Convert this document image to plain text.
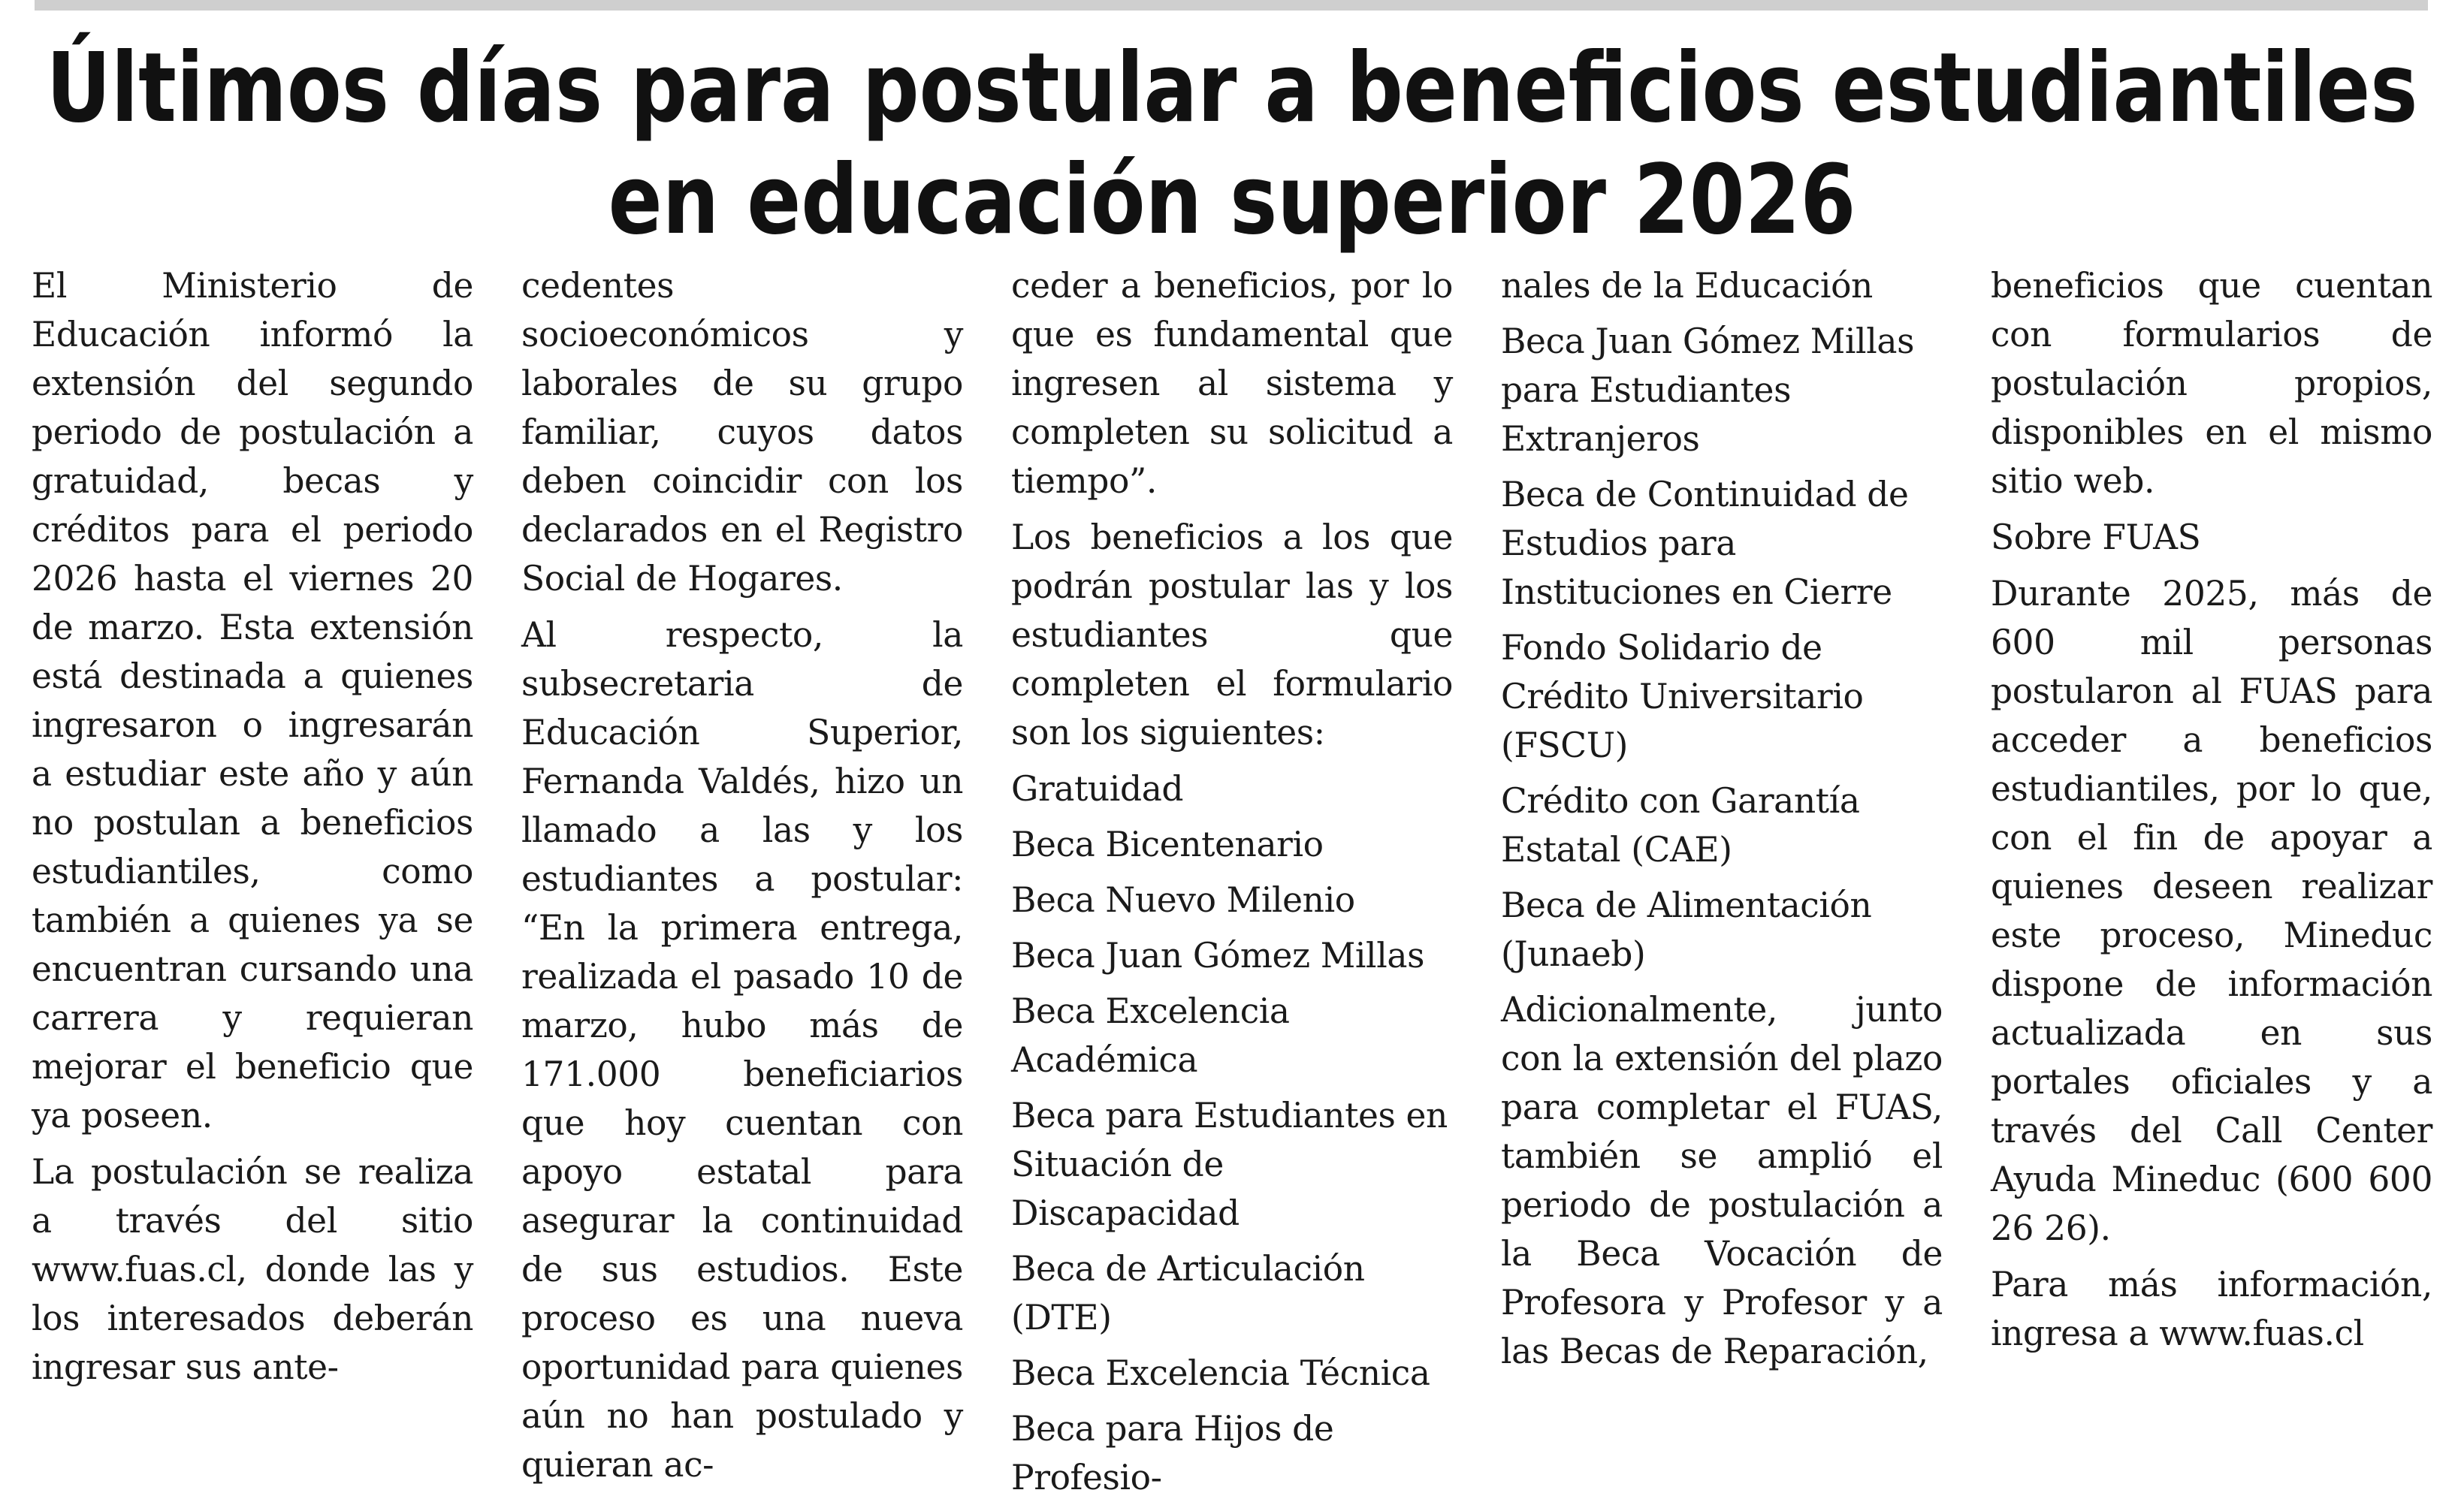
Últimos días para postular a beneficios estudiantiles en educación superior 2026

El Ministerio de Educación informó la extensión del segundo periodo de postulación a gratuidad, becas y créditos para el periodo 2026 hasta el viernes 20 de marzo. Esta extensión está destinada a quienes ingresaron o ingresarán a estudiar este año y aún no postulan a beneficios estudiantiles, como también a quienes ya se encuentran cursando una carrera y requieran mejorar el beneficio que ya poseen.

La postulación se realiza a través del sitio www.fuas.cl, donde las y los interesados deberán ingresar sus ante-

cedentes socioeconómicos y laborales de su grupo familiar, cuyos datos deben coincidir con los declarados en el Registro Social de Hogares.

Al respecto, la subsecretaria de Educación Superior, Fernanda Valdés, hizo un llamado a las y los estudiantes a postular: “En la primera entrega, realizada el pasado 10 de marzo, hubo más de 171.000 beneficiarios que hoy cuentan con apoyo estatal para asegurar la continuidad de sus estudios. Este proceso es una nueva oportunidad para quienes aún no han postulado y quieran ac-

ceder a beneficios, por lo que es fundamental que ingresen al sistema y completen su solicitud a tiempo”.

Los beneficios a los que podrán postular las y los estudiantes que completen el formulario son los siguientes:

Gratuidad

Beca Bicentenario

Beca Nuevo Milenio

Beca Juan Gómez Millas

Beca Excelencia Académica

Beca para Estudiantes en Situación de Discapacidad

Beca de Articulación (DTE)

Beca Excelencia Técnica

Beca para Hijos de Profesio-

nales de la Educación

Beca Juan Gómez Millas para Estudiantes Extranjeros

Beca de Continuidad de Estudios para Instituciones en Cierre

Fondo Solidario de Crédito Universitario (FSCU)

Crédito con Garantía Estatal (CAE)

Beca de Alimentación (Junaeb)

Adicionalmente, junto con la extensión del plazo para completar el FUAS, también se amplió el periodo de postulación a la Beca Vocación de Profesora y Profesor y a las Becas de Reparación,

beneficios que cuentan con formularios de postulación propios, disponibles en el mismo sitio web.

Sobre FUAS

Durante 2025, más de 600 mil personas postularon al FUAS para acceder a beneficios estudiantiles, por lo que, con el fin de apoyar a quienes deseen realizar este proceso, Mineduc dispone de información actualizada en sus portales oficiales y a través del Call Center Ayuda Mineduc (600 600 26 26).

Para más información, ingresa a www.fuas.cl
